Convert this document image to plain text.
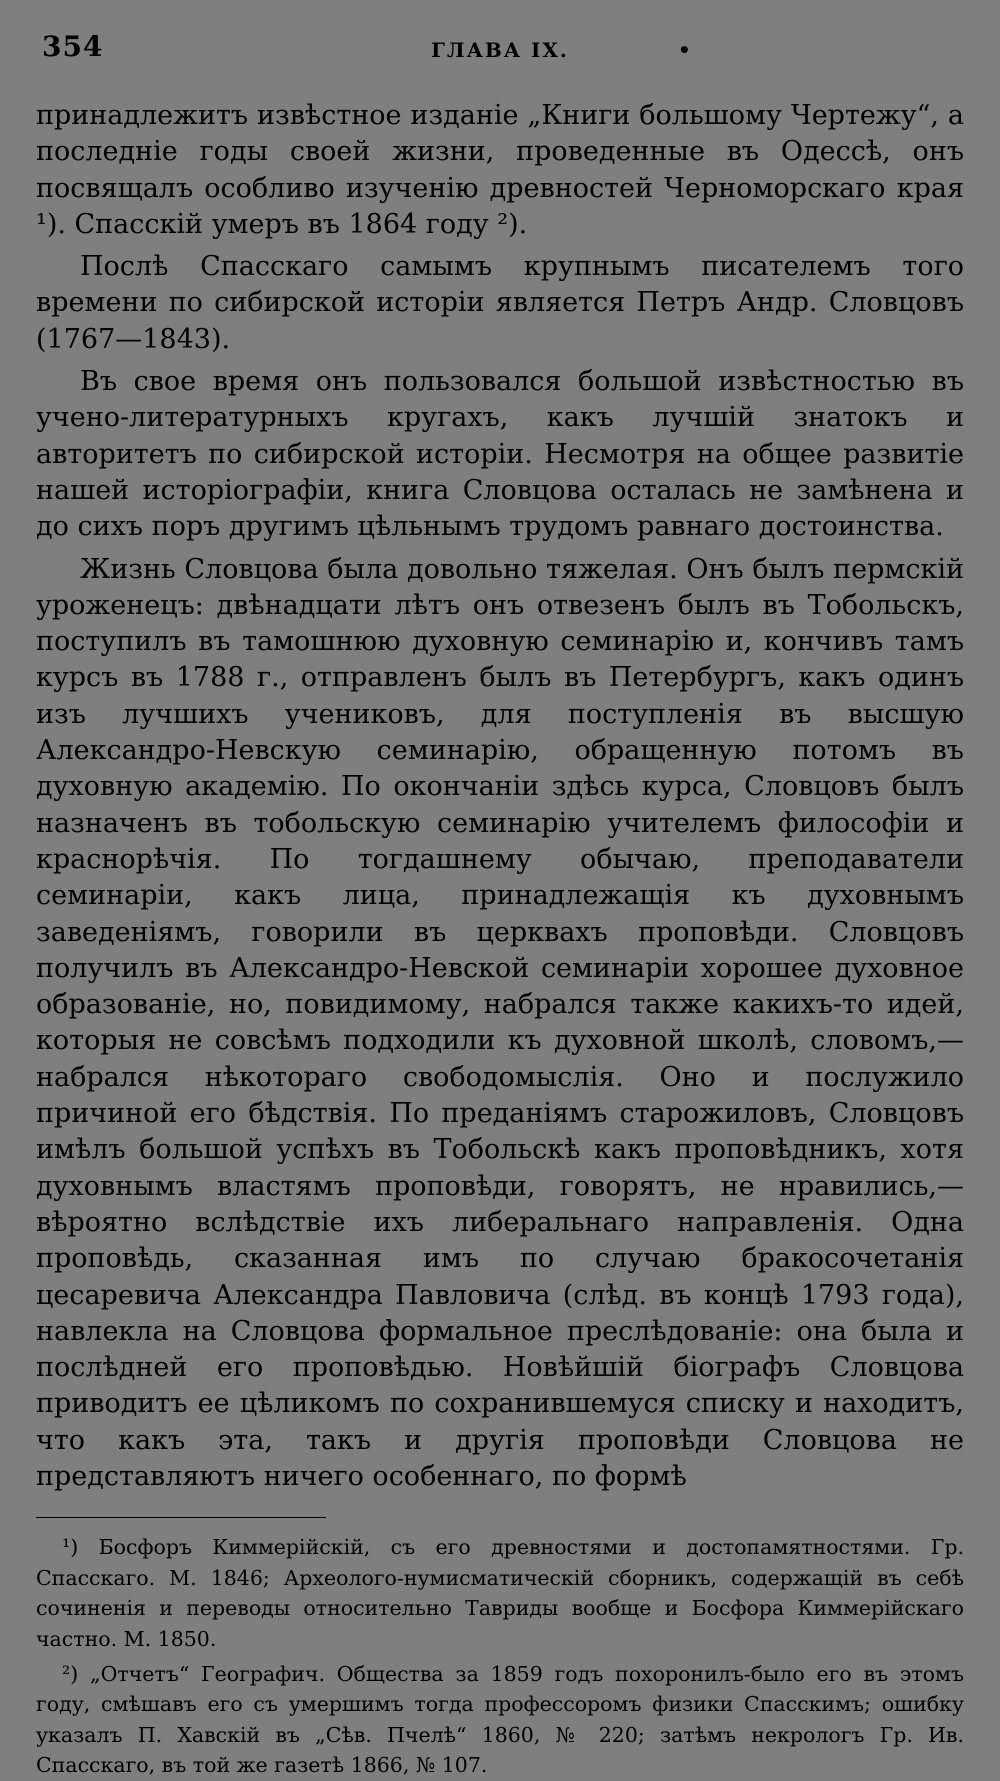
354	ГЛАВА IX.	•

принадлежитъ извѣстное изданіе „Книги большому Чертежу“, а последніе годы своей жизни, проведенные въ Одессѣ, онъ посвящалъ особливо изученію древностей Черноморскаго края ¹). Спасскій умеръ въ 1864 году ²).

Послѣ Спасскаго самымъ крупнымъ писателемъ того времени по сибирской исторіи является Петръ Андр. Словцовъ (1767—1843).

Въ свое время онъ пользовался большой извѣстностью въ учено-литературныхъ кругахъ, какъ лучшій знатокъ и авторитетъ по сибирской исторіи. Несмотря на общее развитіе нашей исторіографіи, книга Словцова осталась не замѣнена и до сихъ поръ другимъ цѣльнымъ трудомъ равнаго достоинства.

Жизнь Словцова была довольно тяжелая. Онъ былъ пермскій уроженецъ: двѣнадцати лѣтъ онъ отвезенъ былъ въ Тобольскъ, поступилъ въ тамошнюю духовную семинарію и, кончивъ тамъ курсъ въ 1788 г., отправленъ былъ въ Петербургъ, какъ одинъ изъ лучшихъ учениковъ, для поступленія въ высшую Александро-Невскую семинарію, обращенную потомъ въ духовную академію. По окончаніи здѣсь курса, Словцовъ былъ назначенъ въ тобольскую семинарію учителемъ философіи и краснорѣчія. По тогдашнему обычаю, преподаватели семинаріи, какъ лица, принадлежащія къ духовнымъ заведеніямъ, говорили въ церквахъ проповѣди. Словцовъ получилъ въ Александро-Невской семинаріи хорошее духовное образованіе, но, повидимому, набрался также какихъ-то идей, которыя не совсѣмъ подходили къ духовной школѣ, словомъ,—набрался нѣкотораго свободомыслія. Оно и послужило причиной его бѣдствія. По преданіямъ старожиловъ, Словцовъ имѣлъ большой успѣхъ въ Тобольскѣ какъ проповѣдникъ, хотя духовнымъ властямъ проповѣди, говорятъ, не нравились,—вѣроятно вслѣдствіе ихъ либеральнаго направленія. Одна проповѣдь, сказанная имъ по случаю бракосочетанія цесаревича Александра Павловича (слѣд. въ концѣ 1793 года), навлекла на Словцова формальное преслѣдованіе: она была и послѣдней его проповѣдью. Новѣйшій біографъ Словцова приводитъ ее цѣликомъ по сохранившемуся списку и находитъ, что какъ эта, такъ и другія проповѣди Словцова не представляютъ ничего особеннаго, по формѣ

¹) Босфоръ Киммерійскій, съ его древностями и достопамятностями. Гр. Спасскаго. М. 1846; Археолого-нумисматическій сборникъ, содержащій въ себѣ сочиненія и переводы относительно Тавриды вообще и Босфора Киммерійскаго частно. М. 1850.

²) „Отчетъ“ Географич. Общества за 1859 годъ похоронилъ-было его въ этомъ году, смѣшавъ его съ умершимъ тогда профессоромъ физики Спасскимъ; ошибку указалъ П. Хавскій въ „Сѣв. Пчелѣ“ 1860, № 220; затѣмъ некрологъ Гр. Ив. Спасскаго, въ той же газетѣ 1866, № 107.
